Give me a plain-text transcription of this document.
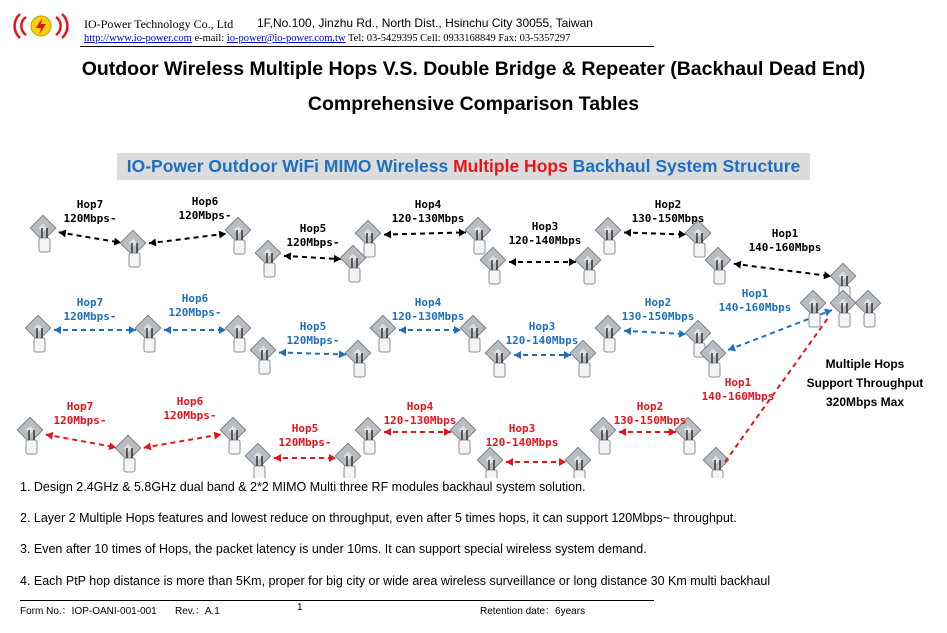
IO-Power Technology Co., Ltd 1F,No.100, Jinzhu Rd., North Dist., Hsinchu City 30055, Taiwan
http://www.io-power.com e-mail: io-power@io-power.com.tw Tel: 03-5429395 Cell: 0933168849 Fax: 03-5357297
Outdoor Wireless Multiple Hops V.S. Double Bridge & Repeater (Backhaul Dead End)
Comprehensive Comparison Tables
IO-Power Outdoor WiFi MIMO Wireless Multiple Hops Backhaul System Structure
Hop1
140-160Mbps
Hop2
130-150Mbps
Hop3
120-140Mbps
Hop4
120-130Mbps
Hop5
120Mbps-
Hop6
120Mbps-
Hop7
120Mbps-
Hop1
140-160Mbps
Hop2
130-150Mbps
Hop3
120-140Mbps
Hop4
120-130Mbps
Hop5
120Mbps-
Hop6
120Mbps-
Hop7
120Mbps-
Hop1
140-160Mbps
Hop2
130-150Mbps
Hop3
120-140Mbps
Hop4
120-130Mbps
Hop5
120Mbps-
Hop6
120Mbps-
Hop7
120Mbps-
Multiple Hops
Support Throughput
320Mbps Max
1. Design 2.4GHz & 5.8GHz dual band & 2*2 MIMO Multi three RF modules backhaul system solution.
2. Layer 2 Multiple Hops features and lowest reduce on throughput, even after 5 times hops, it can support 120Mbps~ throughput.
3. Even after 10 times of Hops, the packet latency is under 10ms. It can support special wireless system demand.
4. Each PtP hop distance is more than 5Km, proper for big city or wide area wireless surveillance or long distance 30 Km multi backhaul
Form No.：IOP-OANI-001-001 Rev.：A.1	1	Retention date：6years
